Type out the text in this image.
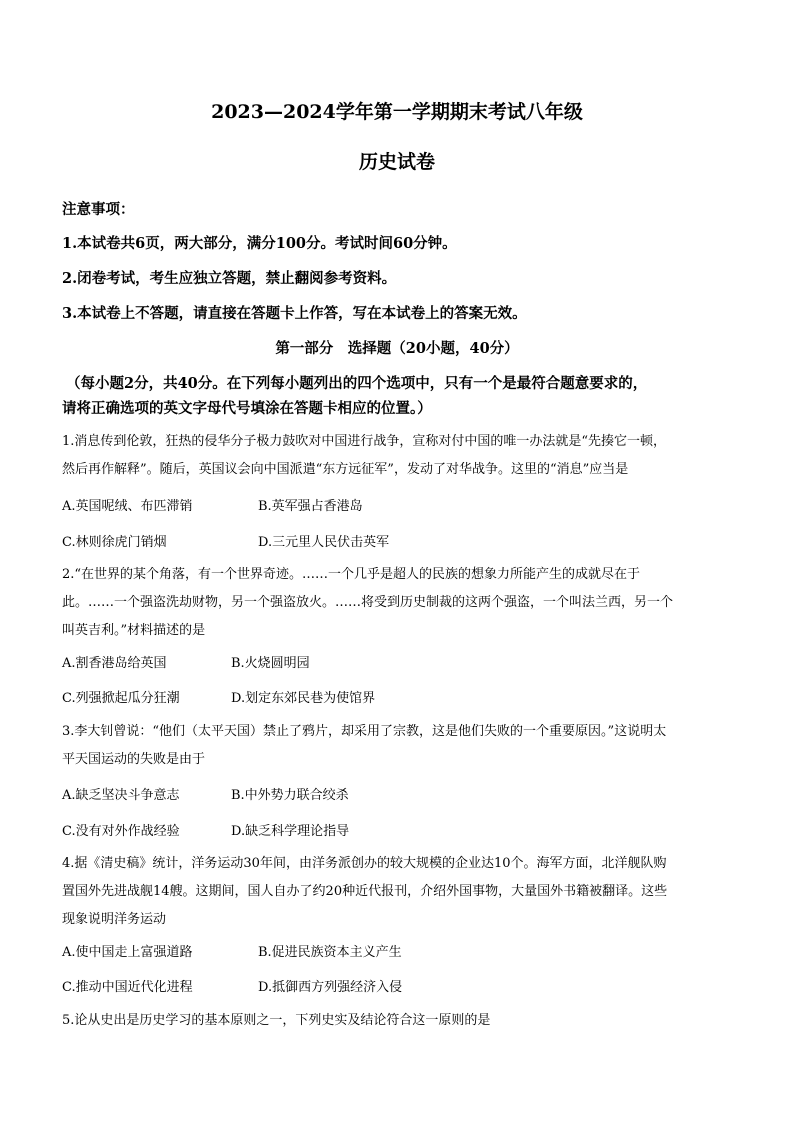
2023—2024学年第一学期期末考试八年级
历史试卷
注意事项：
1.本试卷共6页，两大部分，满分100分。考试时间60分钟。
2.闭卷考试，考生应独立答题，禁止翻阅参考资料。
3.本试卷上不答题，请直接在答题卡上作答，写在本试卷上的答案无效。
第一部分　选择题（20小题，40分）
（每小题2分，共40分。在下列每小题列出的四个选项中，只有一个是最符合题意要求的，
请将正确选项的英文字母代号填涂在答题卡相应的位置。）
1.消息传到伦敦，狂热的侵华分子极力鼓吹对中国进行战争，宣称对付中国的唯一办法就是“先揍它一顿，
然后再作解释”。随后，英国议会向中国派遣“东方远征军”，发动了对华战争。这里的“消息”应当是
A.英国呢绒、布匹滞销	B.英军强占香港岛
C.林则徐虎门销烟	D.三元里人民伏击英军
2.“在世界的某个角落，有一个世界奇迹。……一个几乎是超人的民族的想象力所能产生的成就尽在于
此。……一个强盗洗劫财物，另一个强盗放火。……将受到历史制裁的这两个强盗，一个叫法兰西，另一个
叫英吉利。”材料描述的是
A.割香港岛给英国	B.火烧圆明园
C.列强掀起瓜分狂潮	D.划定东郊民巷为使馆界
3.李大钊曾说：“他们（太平天国）禁止了鸦片，却采用了宗教，这是他们失败的一个重要原因。”这说明太
平天国运动的失败是由于
A.缺乏坚决斗争意志	B.中外势力联合绞杀
C.没有对外作战经验	D.缺乏科学理论指导
4.据《清史稿》统计，洋务运动30年间，由洋务派创办的较大规模的企业达10个。海军方面，北洋舰队购
置国外先进战舰14艘。这期间，国人自办了约20种近代报刊，介绍外国事物，大量国外书籍被翻译。这些
现象说明洋务运动
A.使中国走上富强道路	B.促进民族资本主义产生
C.推动中国近代化进程	D.抵御西方列强经济入侵
5.论从史出是历史学习的基本原则之一，下列史实及结论符合这一原则的是
